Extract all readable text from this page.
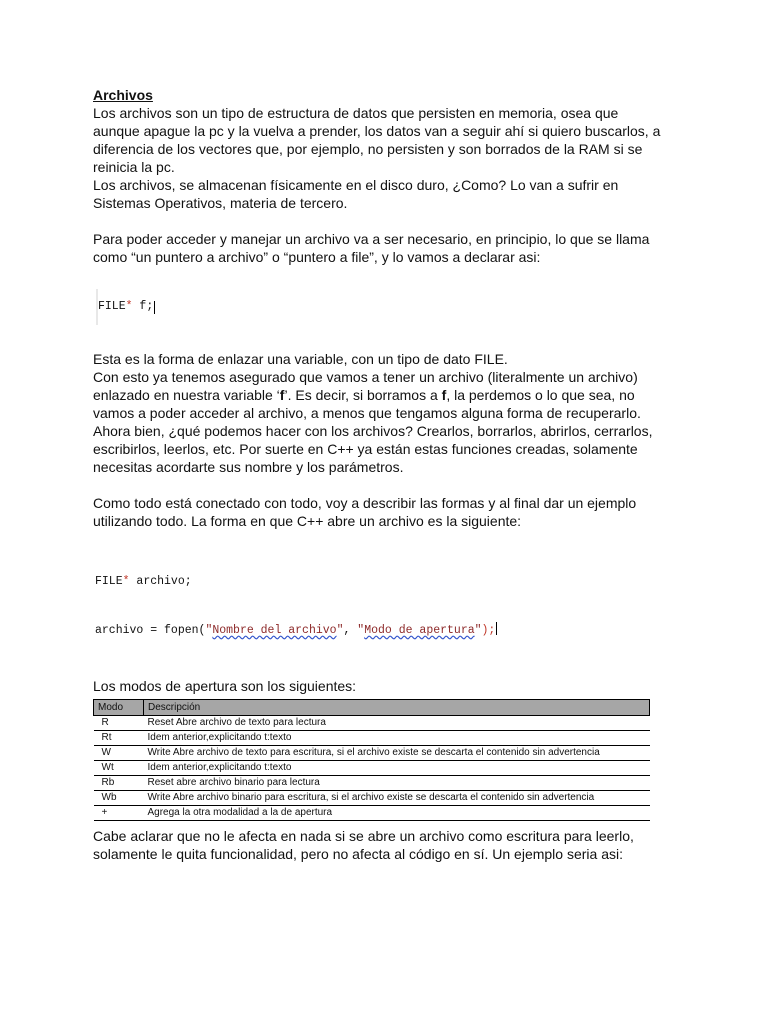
Archivos

Los archivos son un tipo de estructura de datos que persisten en memoria, osea que

aunque apague la pc y la vuelva a prender, los datos van a seguir ahí si quiero buscarlos, a

diferencia de los vectores que, por ejemplo, no persisten y son borrados de la RAM si se

reinicia la pc.

Los archivos, se almacenan físicamente en el disco duro, ¿Como? Lo van a sufrir en

Sistemas Operativos, materia de tercero.

Para poder acceder y manejar un archivo va a ser necesario, en principio, lo que se llama

como “un puntero a archivo” o “puntero a file”, y lo vamos a declarar asi:

FILE * f;

Esta es la forma de enlazar una variable, con un tipo de dato FILE.

Con esto ya tenemos asegurado que vamos a tener un archivo (literalmente un archivo)

enlazado en nuestra variable ‘f’. Es decir, si borramos a f, la perdemos o lo que sea, no

vamos a poder acceder al archivo, a menos que tengamos alguna forma de recuperarlo.

Ahora bien, ¿qué podemos hacer con los archivos? Crearlos, borrarlos, abrirlos, cerrarlos,

escribirlos, leerlos, etc. Por suerte en C++ ya están estas funciones creadas, solamente

necesitas acordarte sus nombre y los parámetros.

Como todo está conectado con todo, voy a describir las formas y al final dar un ejemplo

utilizando todo. La forma en que C++ abre un archivo es la siguiente:

FILE* archivo;

archivo = fopen("Nombre del archivo", "Modo de apertura");

Los modos de apertura son los siguientes:

Modo	Descripción
R	Reset Abre archivo de texto para lectura
Rt	Idem anterior,explicitando t:texto
W	Write Abre archivo de texto para escritura, si el archivo existe se descarta el contenido sin advertencia
Wt	Idem anterior,explicitando t:texto
Rb	Reset abre archivo binario para lectura
Wb	Write Abre archivo binario para escritura, si el archivo existe se descarta el contenido sin advertencia
+	Agrega la otra modalidad a la de apertura

Cabe aclarar que no le afecta en nada si se abre un archivo como escritura para leerlo,

solamente le quita funcionalidad, pero no afecta al código en sí. Un ejemplo seria asi:
